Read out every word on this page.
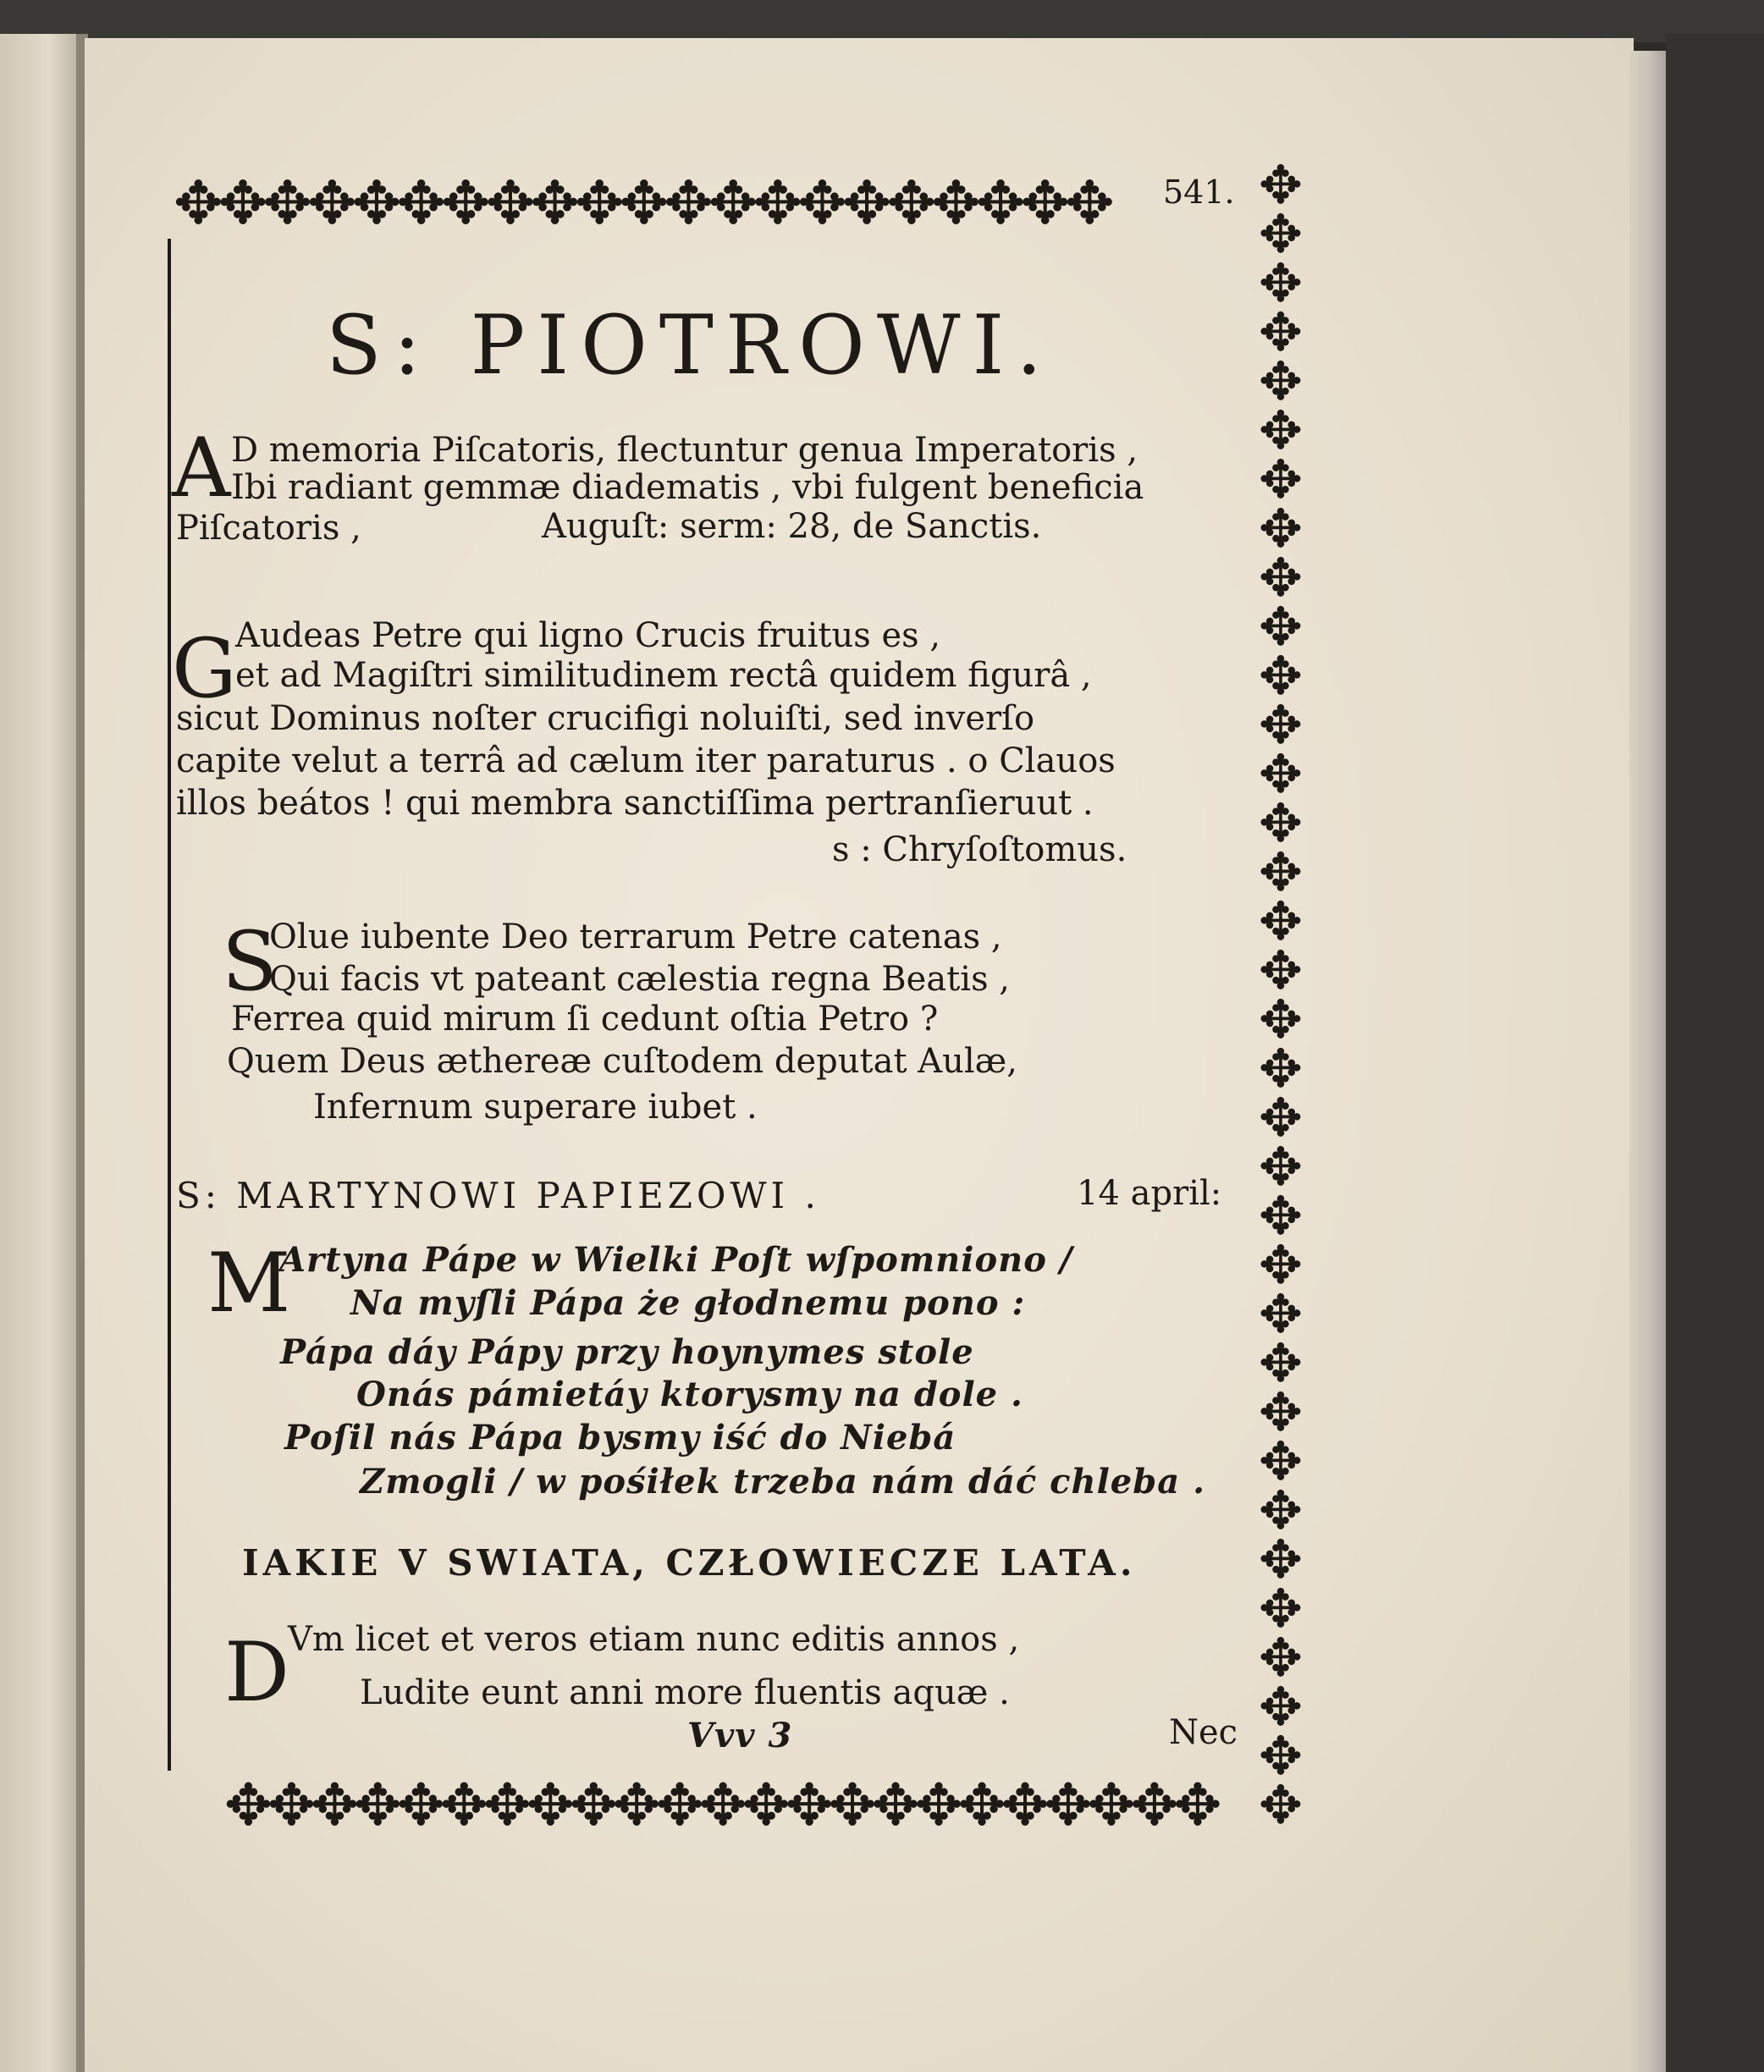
✥✥✥✥✥✥✥✥✥✥✥✥✥✥✥✥✥✥✥✥✥	✥✥✥✥✥✥✥✥✥✥✥✥✥✥✥✥✥✥✥✥✥✥✥✥✥✥✥✥✥✥✥✥✥✥
✥✥✥✥✥✥✥✥✥✥✥✥✥✥✥✥✥✥✥✥✥✥✥
541.
S: PIOTROWI.
A D memoria Piſcatoris, flectuntur genua Imperatoris ,
Ibi radiant gemmæ diadematis , vbi fulgent beneficia
Piſcatoris ,	Auguſt: serm: 28, de Sanctis.
G
Audeas Petre qui ligno Crucis fruitus es ,
et ad Magiſtri similitudinem rectâ quidem figurâ ,
sicut Dominus noſter crucifigi noluiſti, sed inverſo
capite velut a terrâ ad cælum iter paraturus . o Clauos
illos beátos ! qui membra sanctiſſima pertranſieruut .
s : Chryſoſtomus.
S
Olue iubente Deo terrarum Petre catenas ,
Qui facis vt pateant cælestia regna Beatis ,
Ferrea quid mirum ſi cedunt oſtia Petro ?
Quem Deus æthereæ cuſtodem deputat Aulæ,
Infernum superare iubet .
S: MARTYNOWI PAPIEZOWI .	14 april:
M
Artyna Pápe w Wielki Poſt wſpomniono /
Na myſli Pápa że głodnemu pono :
Pápa dáy Pápy przy hoynymes stole
Onás pámietáy ktorysmy na dole .
Poſil nás Pápa bysmy iść do Niebá
Zmogli / w pośiłek trzeba nám dáć chleba .
IAKIE V SWIATA, CZŁOWIECZE LATA.
D
Vm licet et veros etiam nunc editis annos ,
Ludite eunt anni more fluentis aquæ .
Vvv 3	Nec
